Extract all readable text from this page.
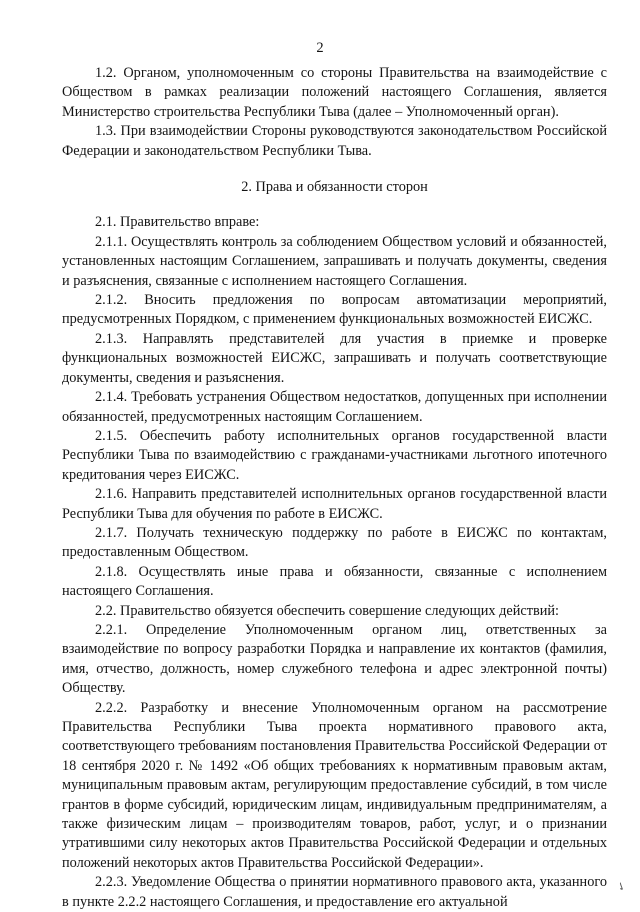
2

1.2. Органом, уполномоченным со стороны Правительства на взаимодействие с Обществом в рамках реализации положений настоящего Соглашения, является Министерство строительства Республики Тыва (далее – Уполномоченный орган).

1.3. При взаимодействии Стороны руководствуются законодательством Российской Федерации и законодательством Республики Тыва.

2. Права и обязанности сторон

2.1. Правительство вправе:

2.1.1. Осуществлять контроль за соблюдением Обществом условий и обязанностей, установленных настоящим Соглашением, запрашивать и получать документы, сведения и разъяснения, связанные с исполнением настоящего Соглашения.

2.1.2. Вносить предложения по вопросам автоматизации мероприятий, предусмотренных Порядком, с применением функциональных возможностей ЕИСЖС.

2.1.3. Направлять представителей для участия в приемке и проверке функциональных возможностей ЕИСЖС, запрашивать и получать соответствующие документы, сведения и разъяснения.

2.1.4. Требовать устранения Обществом недостатков, допущенных при исполнении обязанностей, предусмотренных настоящим Соглашением.

2.1.5. Обеспечить работу исполнительных органов государственной власти Республики Тыва по взаимодействию с гражданами-участниками льготного ипотечного кредитования через ЕИСЖС.

2.1.6. Направить представителей исполнительных органов государственной власти Республики Тыва для обучения по работе в ЕИСЖС.

2.1.7. Получать техническую поддержку по работе в ЕИСЖС по контактам, предоставленным Обществом.

2.1.8. Осуществлять иные права и обязанности, связанные с исполнением настоящего Соглашения.

2.2. Правительство обязуется обеспечить совершение следующих действий:

2.2.1. Определение Уполномоченным органом лиц, ответственных за взаимодействие по вопросу разработки Порядка и направление их контактов (фамилия, имя, отчество, должность, номер служебного телефона и адрес электронной почты) Обществу.

2.2.2. Разработку и внесение Уполномоченным органом на рассмотрение Правительства Республики Тыва проекта нормативного правового акта, соответствующего требованиям постановления Правительства Российской Федерации от 18 сентября 2020 г. № 1492 «Об общих требованиях к нормативным правовым актам, муниципальным правовым актам, регулирующим предоставление субсидий, в том числе грантов в форме субсидий, юридическим лицам, индивидуальным предпринимателям, а также физическим лицам – производителям товаров, работ, услуг, и о признании утратившими силу некоторых актов Правительства Российской Федерации и отдельных положений некоторых актов Правительства Российской Федерации».

2.2.3. Уведомление Общества о принятии нормативного правового акта, указанного в пункте 2.2.2 настоящего Соглашения, и предоставление его актуальной

✓
